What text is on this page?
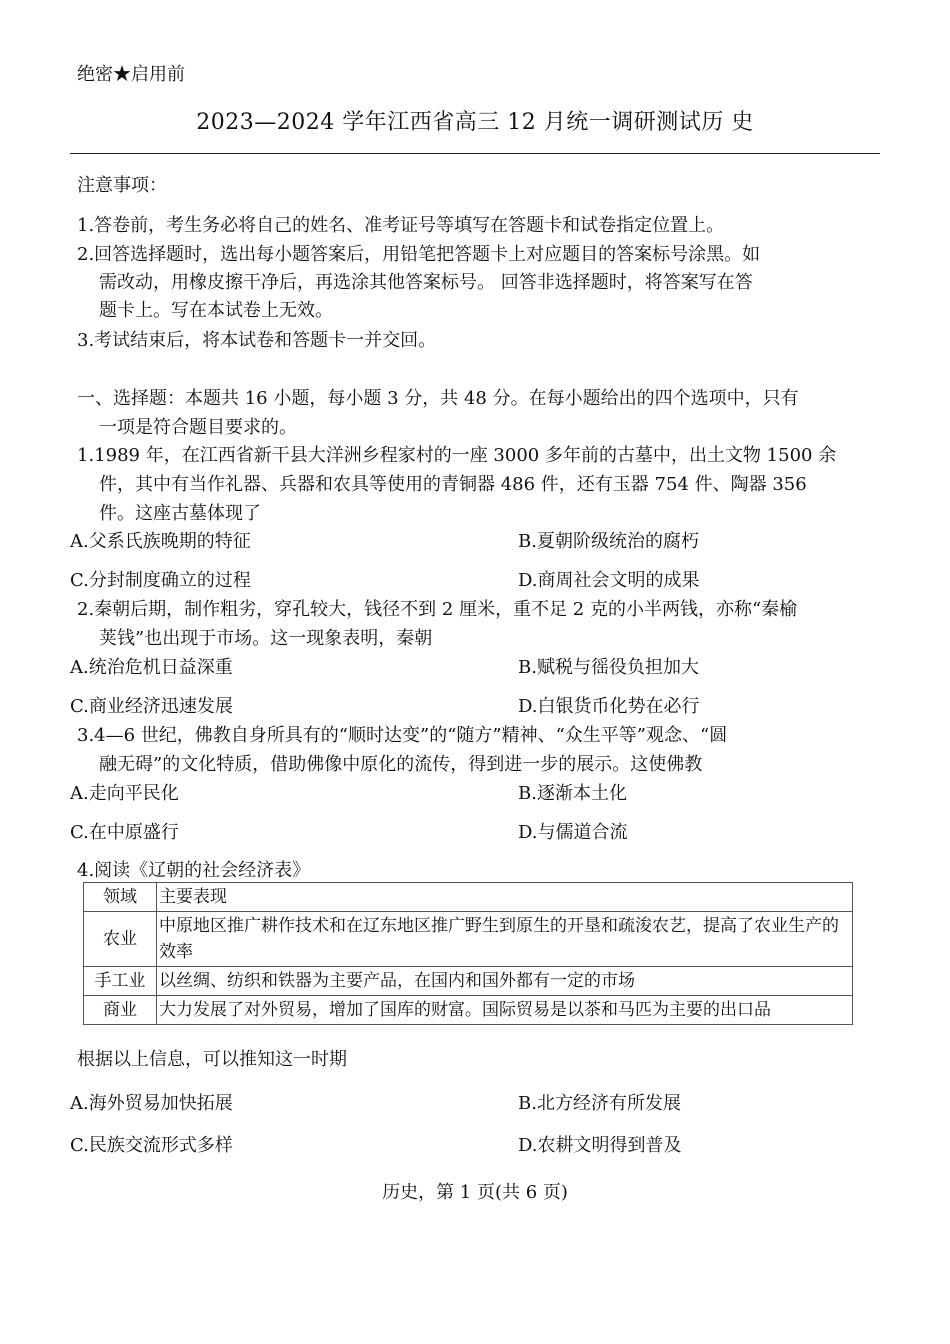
绝密★启用前
2023—2024 学年江西省高三 12 月统一调研测试历 史
注意事项：
1.答卷前，考生务必将自己的姓名、准考证号等填写在答题卡和试卷指定位置上。
2.回答选择题时，选出每小题答案后，用铅笔把答题卡上对应题目的答案标号涂黑。如
需改动，用橡皮擦干净后，再选涂其他答案标号。 回答非选择题时，将答案写在答
题卡上。写在本试卷上无效。
3.考试结束后，将本试卷和答题卡一并交回。
一、选择题：本题共 16 小题，每小题 3 分，共 48 分。在每小题给出的四个选项中，只有
一项是符合题目要求的。
1.1989 年，在江西省新干县大洋洲乡程家村的一座 3000 多年前的古墓中，出土文物 1500 余
件，其中有当作礼器、兵器和农具等使用的青铜器 486 件，还有玉器 754 件、陶器 356
件。这座古墓体现了
A.父系氏族晚期的特征	B.夏朝阶级统治的腐朽
C.分封制度确立的过程	D.商周社会文明的成果
2.秦朝后期，制作粗劣，穿孔较大，钱径不到 2 厘米，重不足 2 克的小半两钱，亦称“秦榆
荚钱”也出现于市场。这一现象表明，秦朝
A.统治危机日益深重	B.赋税与徭役负担加大
C.商业经济迅速发展	D.白银货币化势在必行
3.4—6 世纪，佛教自身所具有的“顺时达变”的“随方”精神、“众生平等”观念、“圆
融无碍”的文化特质，借助佛像中原化的流传，得到进一步的展示。这使佛教
A.走向平民化	B.逐渐本土化
C.在中原盛行	D.与儒道合流
4.阅读《辽朝的社会经济表》
领域	主要表现
农业	中原地区推广耕作技术和在辽东地区推广野生到原生的开垦和疏浚农艺，提高了农业生产的效率
手工业	以丝绸、纺织和铁器为主要产品，在国内和国外都有一定的市场
商业	大力发展了对外贸易，增加了国库的财富。国际贸易是以茶和马匹为主要的出口品
根据以上信息，可以推知这一时期
A.海外贸易加快拓展	B.北方经济有所发展
C.民族交流形式多样	D.农耕文明得到普及
历史，第 1 页(共 6 页)
